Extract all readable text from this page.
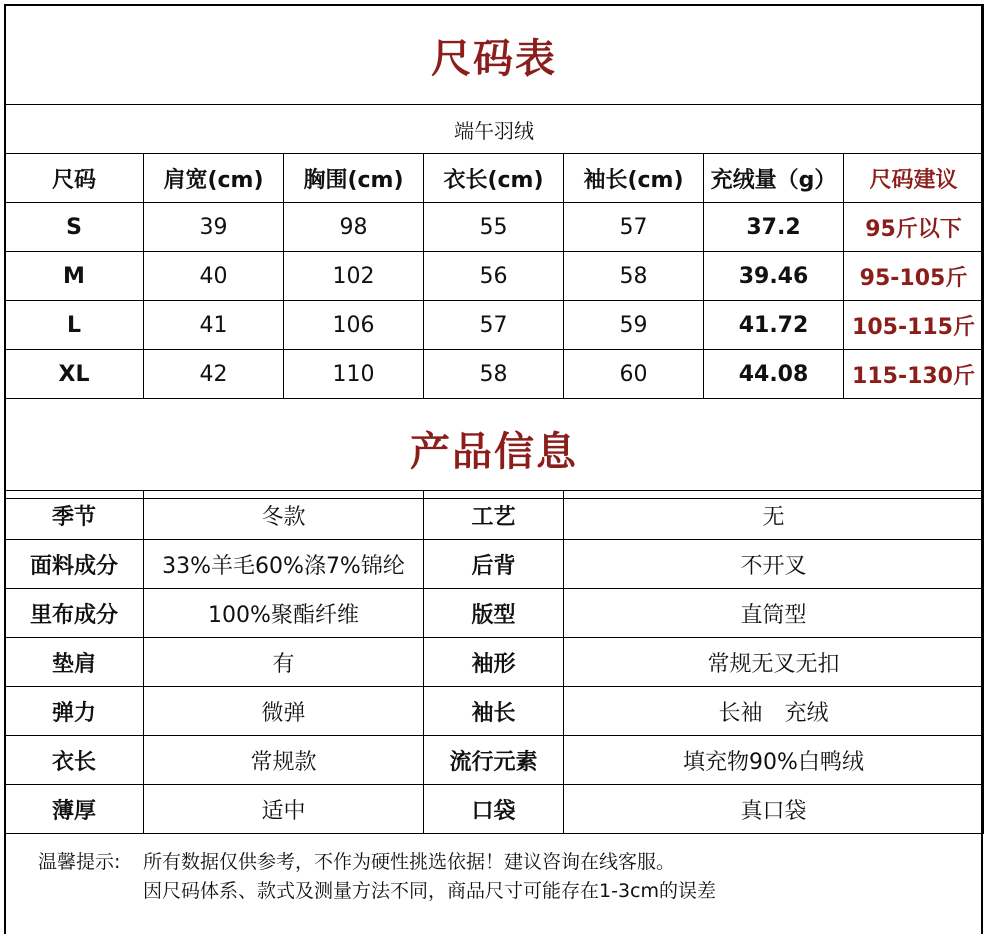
尺码表						
端午羽绒						
尺码	肩宽(cm)	胸围(cm)	衣长(cm)	袖长(cm)	充绒量（g）	尺码建议
S	39	98	55	57	37.2	95斤以下
M	40	102	56	58	39.46	95-105斤
L	41	106	57	59	41.72	105-115斤
XL	42	110	58	60	44.08	115-130斤
产品信息						
季节	冬款	工艺	无
面料成分	33%羊毛60%涤7%锦纶	后背	不开叉
里布成分	100%聚酯纤维	版型	直筒型
垫肩	有	袖形	常规无叉无扣
弹力	微弹	袖长	长袖　充绒
衣长	常规款	流行元素	填充物90%白鸭绒
薄厚	适中	口袋	真口袋
温馨提示:	所有数据仅供参考，不作为硬性挑选依据！建议咨询在线客服。
因尺码体系、款式及测量方法不同，商品尺寸可能存在1-3cm的误差
